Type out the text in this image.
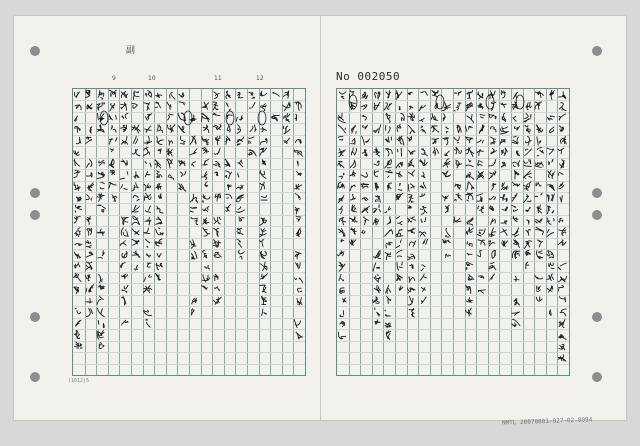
副
9	10	11	12	No 002050
▪▪
(1612)5
NMTL 20070001-027-02-0094
